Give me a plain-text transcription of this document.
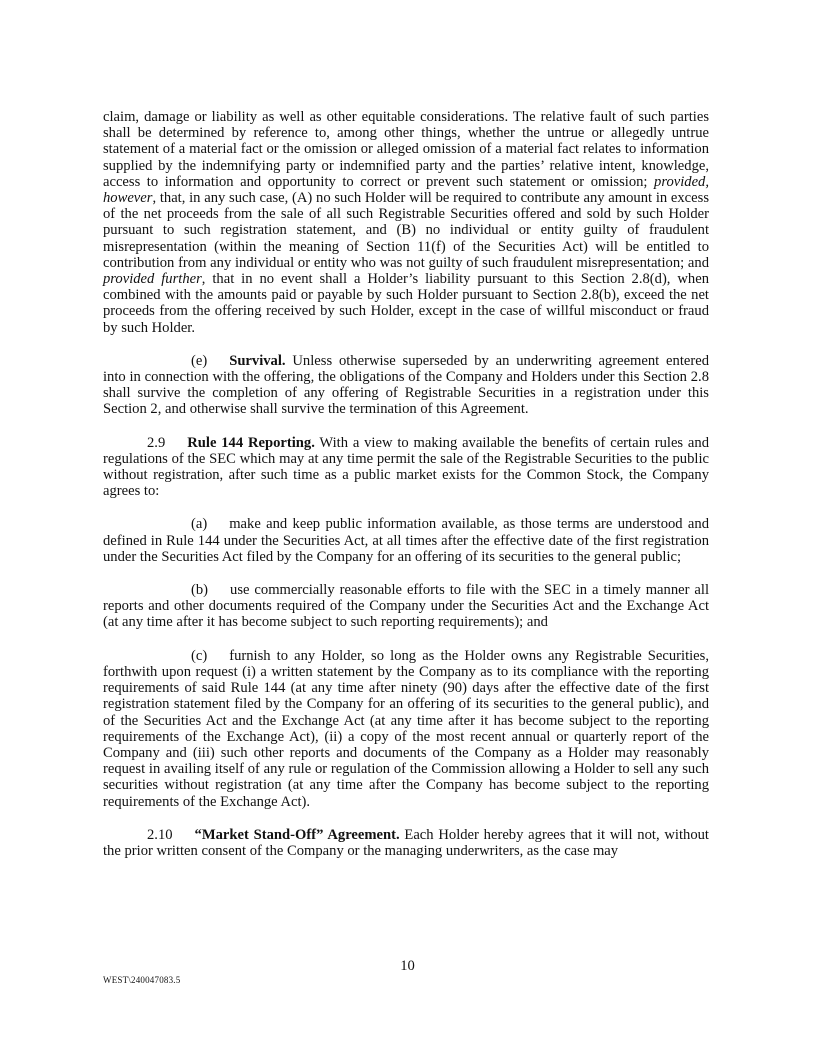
claim, damage or liability as well as other equitable considerations. The relative fault of such parties shall be determined by reference to, among other things, whether the untrue or allegedly untrue statement of a material fact or the omission or alleged omission of a material fact relates to information supplied by the indemnifying party or indemnified party and the parties’ relative intent, knowledge, access to information and opportunity to correct or prevent such statement or omission; provided, however, that, in any such case, (A) no such Holder will be required to contribute any amount in excess of the net proceeds from the sale of all such Registrable Securities offered and sold by such Holder pursuant to such registration statement, and (B) no individual or entity guilty of fraudulent misrepresentation (within the meaning of Section 11(f) of the Securities Act) will be entitled to contribution from any individual or entity who was not guilty of such fraudulent misrepresentation; and provided further, that in no event shall a Holder’s liability pursuant to this Section 2.8(d), when combined with the amounts paid or payable by such Holder pursuant to Section 2.8(b), exceed the net proceeds from the offering received by such Holder, except in the case of willful misconduct or fraud by such Holder.

(e) Survival. Unless otherwise superseded by an underwriting agreement entered into in connection with the offering, the obligations of the Company and Holders under this Section 2.8 shall survive the completion of any offering of Registrable Securities in a registration under this Section 2, and otherwise shall survive the termination of this Agreement.

2.9 Rule 144 Reporting. With a view to making available the benefits of certain rules and regulations of the SEC which may at any time permit the sale of the Registrable Securities to the public without registration, after such time as a public market exists for the Common Stock, the Company agrees to:

(a) make and keep public information available, as those terms are understood and defined in Rule 144 under the Securities Act, at all times after the effective date of the first registration under the Securities Act filed by the Company for an offering of its securities to the general public;

(b) use commercially reasonable efforts to file with the SEC in a timely manner all reports and other documents required of the Company under the Securities Act and the Exchange Act (at any time after it has become subject to such reporting requirements); and

(c) furnish to any Holder, so long as the Holder owns any Registrable Securities, forthwith upon request (i) a written statement by the Company as to its compliance with the reporting requirements of said Rule 144 (at any time after ninety (90) days after the effective date of the first registration statement filed by the Company for an offering of its securities to the general public), and of the Securities Act and the Exchange Act (at any time after it has become subject to the reporting requirements of the Exchange Act), (ii) a copy of the most recent annual or quarterly report of the Company and (iii) such other reports and documents of the Company as a Holder may reasonably request in availing itself of any rule or regulation of the Commission allowing a Holder to sell any such securities without registration (at any time after the Company has become subject to the reporting requirements of the Exchange Act).

2.10 “Market Stand-Off” Agreement. Each Holder hereby agrees that it will not, without the prior written consent of the Company or the managing underwriters, as the case may

10
WEST\240047083.5
